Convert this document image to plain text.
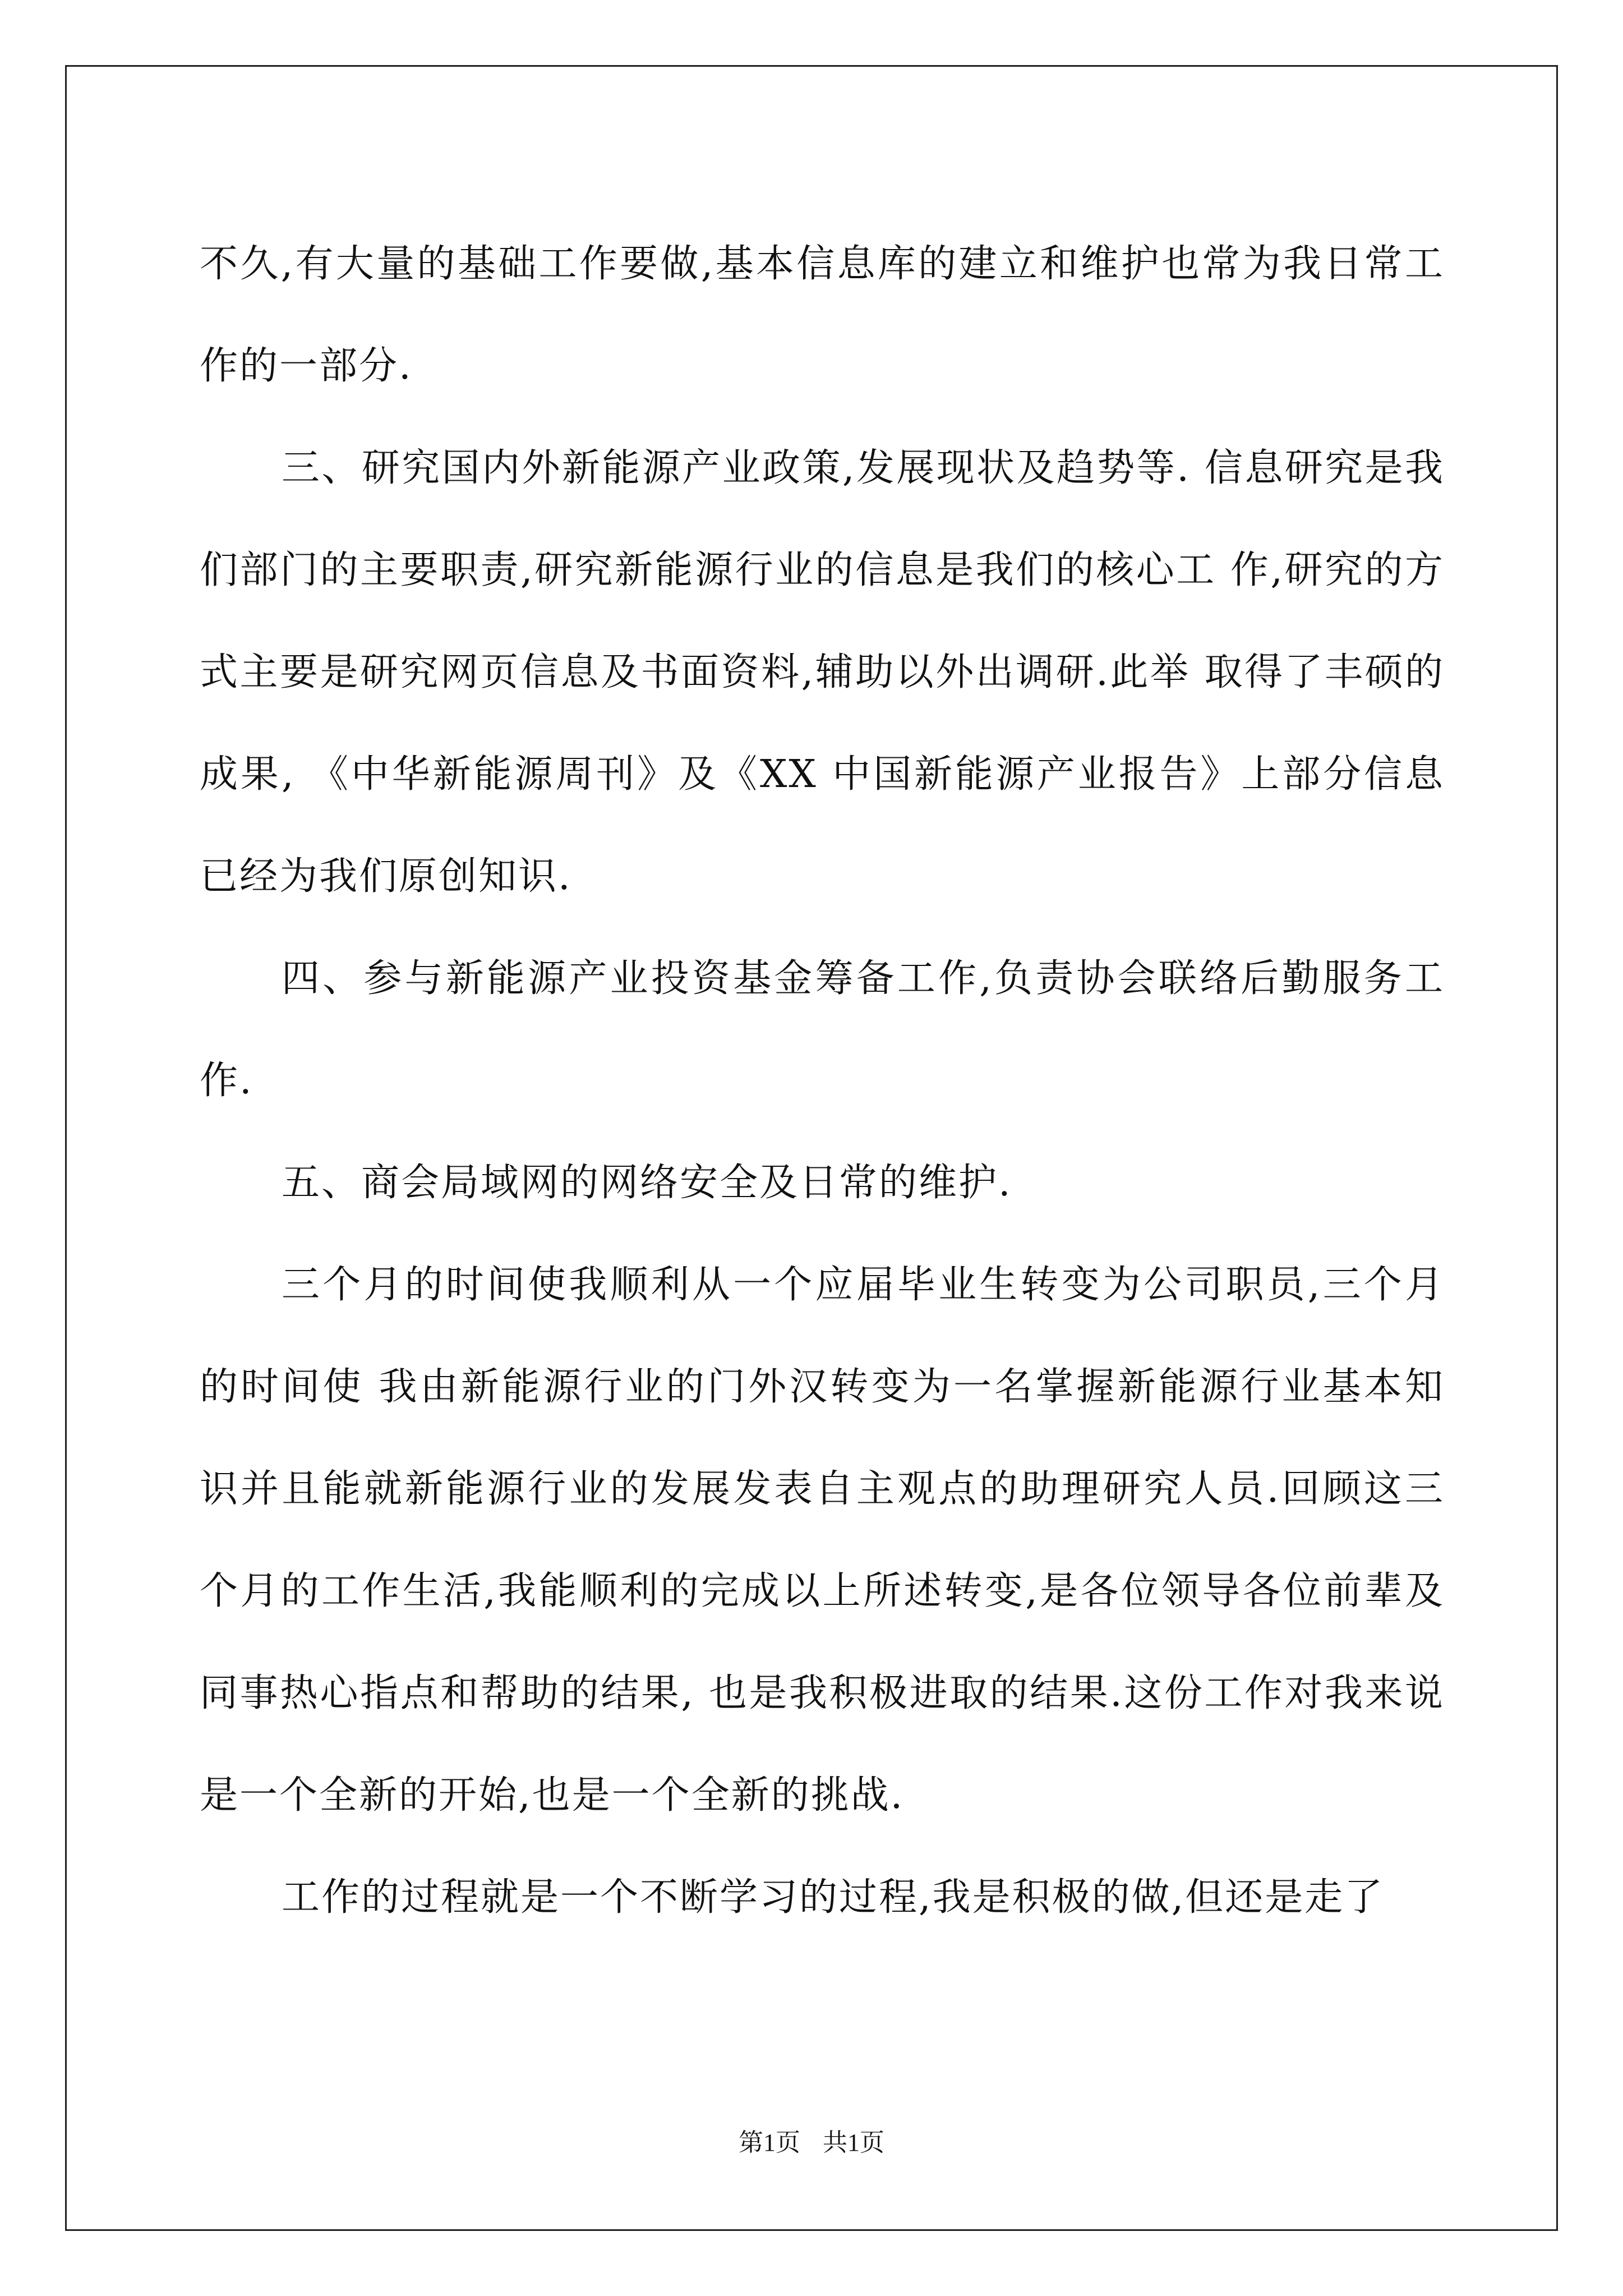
不久,有大量的基础工作要做,基本信息库的建立和维护也常为我日常工作的一部分.

三、研究国内外新能源产业政策,发展现状及趋势等. 信息研究是我们部门的主要职责,研究新能源行业的信息是我们的核心工 作,研究的方式主要是研究网页信息及书面资料,辅助以外出调研.此举 取得了丰硕的成果, 《中华新能源周刊》及《XX 中国新能源产业报告》上部分信息已经为我们原创知识.

四、参与新能源产业投资基金筹备工作,负责协会联络后勤服务工作.

五、商会局域网的网络安全及日常的维护.

三个月的时间使我顺利从一个应届毕业生转变为公司职员,三个月的时间使 我由新能源行业的门外汉转变为一名掌握新能源行业基本知识并且能就新能源行业的发展发表自主观点的助理研究人员.回顾这三个月的工作生活,我能顺利的完成以上所述转变,是各位领导各位前辈及同事热心指点和帮助的结果, 也是我积极进取的结果.这份工作对我来说是一个全新的开始,也是一个全新的挑战.

工作的过程就是一个不断学习的过程,我是积极的做,但还是走了

第1页 共1页
